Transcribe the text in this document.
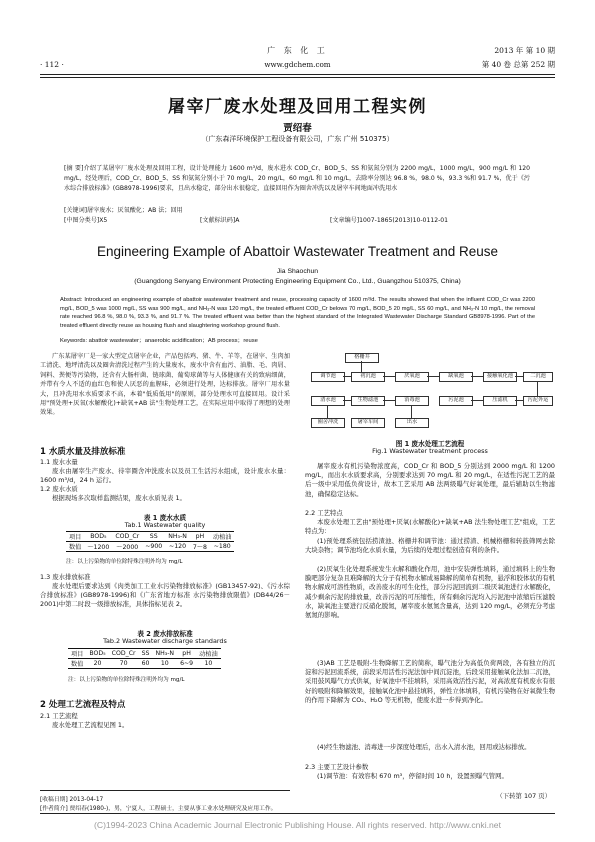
广 东 化 工	2013 年 第 10 期
· 112 ·	www.gdchem.com	第 40 卷 总第 252 期
屠宰厂废水处理及回用工程实例
贾绍春
（广东森洋环境保护工程设备有限公司，广东 广州 510375）
[摘 要]介绍了某屠宰厂废水处理及回用工程，设计处理能力 1600 m³/d，废水进水 COD_Cr、BOD_5、SS 和氨氮分别为 2200 mg/L，1000 mg/L，900 mg/L 和 120 mg/L，经处理后，COD_Cr、BOD_5、SS 和氨氮分别小于 70 mg/L，20 mg/L，60 mg/L 和 10 mg/L，去除率分别达 96.8 %，98.0 %，93.3 %和 91.7 %，优于《污水综合排放标准》(GB8978-1996)要求，且出水稳定，部分出水很稳定，直接回用作为圈舍冲洗以及屠宰车间地面冲洗用水
[关键词]屠宰废水；厌氧酸化；AB 法；回用
[中图分类号]X5	[文献标识码]A	[文章编号]1007-1865(2013)10-0112-01
Engineering Example of Abattoir Wastewater Treatment and Reuse
Jia Shaochun
(Guangdong Senyang Environment Protecting Engineering Equipment Co., Ltd., Guangzhou 510375, China)
Abstract: Introduced an engineering example of abattoir wastewater treatment and reuse, processing capacity of 1600 m³/d. The results showed that when the influent COD_Cr was 2200 mg/L, BOD_5 was 1000 mg/L, SS was 900 mg/L, and NH₃-N was 120 mg/L, the treated effluent COD_Cr belows 70 mg/L, BOD_5 20 mg/L, SS 60 mg/L, and NH₃-N 10 mg/L, the removal rate reached 96.8 %, 98.0 %, 93.3 %, and 91.7 %. The treated effluent was better than the highest standard of the Integrated Wastewater Discharge Standard GB8978-1996. Part of the treated effluent directly reuse as housing flush and slaughtering workshop ground flush.
Keywords: abattoir wastewater；anaerobic acidification；AB process；reuse
广东某屠宰厂是一家大型定点屠宰企业，产品包括鸡、猪、牛、羊等，在屠宰、生肉加工清洗、地坪清洗以及圈舍清洗过程产生的大量废水，废水中含有血污、油脂、毛、肉屑、饲料、粪便等污染物，还含有大肠杆菌、链球菌、葡萄球菌等与人体健康有关的致病细菌，并带有令人不适的血红色和使人厌恶的血腥味，必须进行处理，达标排放。屠宰厂用水量大，且冲洗用水水质要求不高，本着"低质低用"的原则，部分处理水可直接回用。设计采用"预处理+厌氧(水解酸化)+缺氧+AB 法"生物处理工艺，在实际应用中取得了理想的处理效果。
1 水质水量及排放标准
1.1 废水水量
废水由屠宰生产废水、待宰圈舍冲洗废水以及员工生活污水组成，设计废水水量：1600 m³/d，24 h 运行。
1.2 废水水质
根据现场多次取样监测结果，废水水质见表 1。
表 1 废水水质
Tab.1 Wastewater quality
项目	BOD₅	COD_Cr	SS	NH₃-N	pH	动植油
数值	～1200	～2000	~900	~120	7～8	~180
注：以上污染物的单位除特殊注明外均为 mg/L
1.3 废水排放标准
废水处理后要求达到《肉类加工工业水污染物排放标准》(GB13457-92)、《污水综合排放标准》(GB8978-1996)和《广东省地方标准 水污染物排放限值》(DB44/26－2001)中第二时段一级排放标准，具体指标见表 2。
表 2 废水排放标准
Tab.2 Wastewater discharge standards
项目	BOD₅	COD_Cr	SS	NH₃-N	pH	动植油
数值	20	70	60	10	6~9	10
注：以上污染物的单位除特殊注明外均为 mg/L
2 处理工艺流程及特点
2.1 工艺流程
废水处理工艺流程见图 1。
格栅井
调节池	初沉池	厌氧池	缺氧池	接触氧化池	二沉池
清水池	生物滤池	消毒池	污泥池	压滤机	污泥外运
圈舍冲洗	屠宰车间	出水
图 1 废水处理工艺流程
Fig.1 Wastewater treatment process
屠宰废水有机污染物浓度高，COD_Cr 和 BOD_5 分别达到 2000 mg/L 和 1200 mg/L，而出水水质要求高，分别要求达到 70 mg/L 和 20 mg/L，在适性污泥工艺的最后一级中采用低负荷设计，故本工艺采用 AB 法两级曝气好氧处理，最后辅助以生物滤池，确保稳定达标。
2.2 工艺特点
本废水处理工艺由"预处理+厌氧(水解酸化)+缺氧+AB 法生物处理工艺"组成，工艺特点为：
(1)预处理系统包括捞渣池、格栅井和调节池：通过捞渣、机械格栅和转鼓筛网去除大块杂物；调节池均化水质水量，为后续的处理过程创造有利的条件。
(2)厌氧生化处理系统发生水解和酸化作用，池中安装弹性填料，通过填料上的生物膜吧部分复杂且难降解的大分子有机物水解成易降解的简单有机物，悬浮和胶体状的有机物水解成可溶性物质，改善废水的可生化性，部分污泥回流到二级厌氧池进行水解酸化，减少剩余污泥的排放量，改善污泥的可压缩性，所有剩余污泥均入污泥池中浓缩后压滤脱水，缺氧池主要进行反硝化脱氮，屠宰废水氨氮含量高，达到 120 mg/L，必须充分考虑氨氮的影响。
(3)AB 工艺是吸附-生物降解工艺的简称，曝气池分为高低负荷两段，各有独立的沉淀和污泥回流系统，前段采用活性污泥法加中间沉淀池，后段采用接触氧化法加二沉池，采用鼓风曝气方式供氧，好氧池中不挂填料，采用高效活性污泥，对高浓度有机废水有很好的吸附和降解效果，接触氧化池中悬挂填料，弹性立体填料，有机污染物在好氧微生物的作用下降解为 CO₂、H₂O 等无机物，使废水进一步得到净化。
(4)经生物滤池、消毒进一步深度处理后，出水入清水池，回用或达标排放。
2.3 主要工艺设计参数
(1)调节池：有效容积 670 m³，停留时间 10 h，设置预曝气管网。
（下转第 107 页）
[收稿日期] 2013-04-17
[作者简介] 贾绍春(1980-)，男，宁夏人，工程硕士，主要从事工业水处理研究及应用工作。
(C)1994-2023 China Academic Journal Electronic Publishing House. All rights reserved. http://www.cnki.net
